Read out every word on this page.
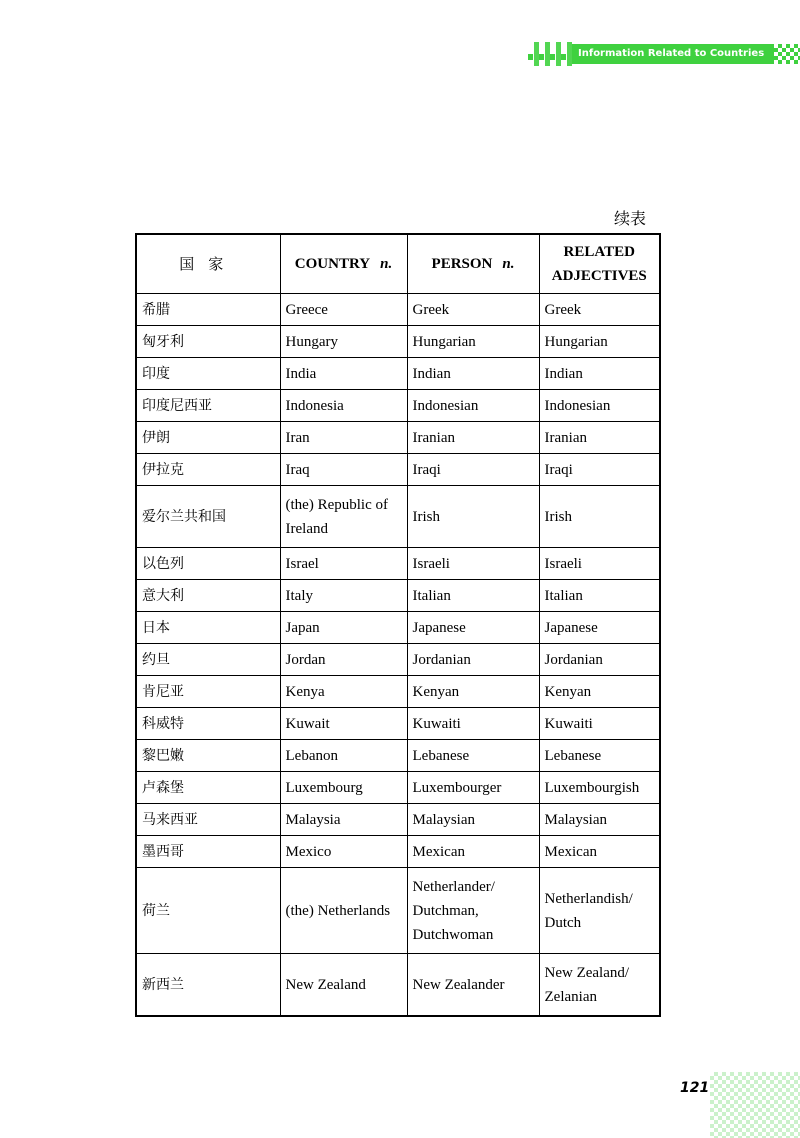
Information Related to Countries
续表
国家	COUNTRY n.	PERSON n.	RELATED
ADJECTIVES
希腊	Greece	Greek	Greek
匈牙利	Hungary	Hungarian	Hungarian
印度	India	Indian	Indian
印度尼西亚	Indonesia	Indonesian	Indonesian
伊朗	Iran	Iranian	Iranian
伊拉克	Iraq	Iraqi	Iraqi
爱尔兰共和国	(the) Republic of Ireland	Irish	Irish
以色列	Israel	Israeli	Israeli
意大利	Italy	Italian	Italian
日本	Japan	Japanese	Japanese
约旦	Jordan	Jordanian	Jordanian
肯尼亚	Kenya	Kenyan	Kenyan
科威特	Kuwait	Kuwaiti	Kuwaiti
黎巴嫩	Lebanon	Lebanese	Lebanese
卢森堡	Luxembourg	Luxembourger	Luxembourgish
马来西亚	Malaysia	Malaysian	Malaysian
墨西哥	Mexico	Mexican	Mexican
荷兰	(the) Netherlands	Netherlander/ Dutchman, Dutchwoman	Netherlandish/ Dutch
新西兰	New Zealand	New Zealander	New Zealand/ Zelanian
121
